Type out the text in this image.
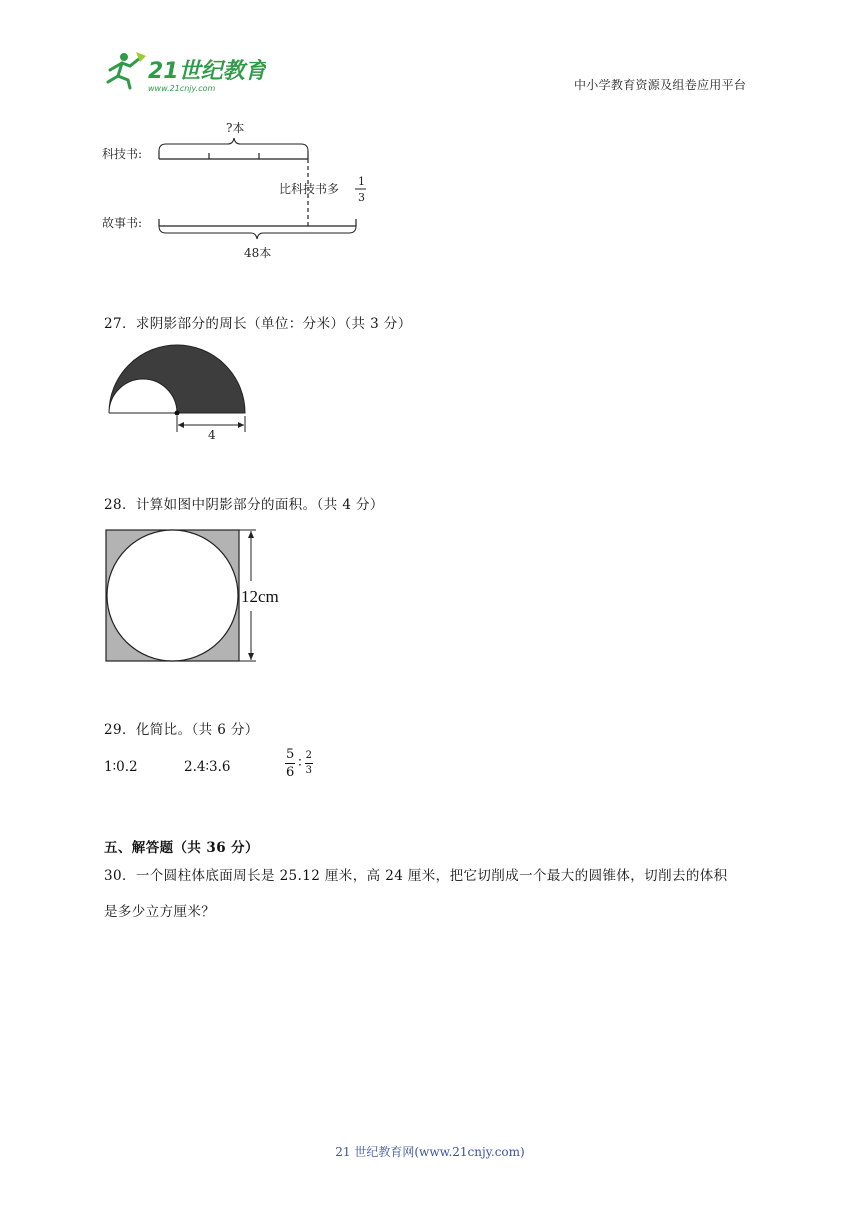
21世纪教育
www.21cnjy.com	中小学教育资源及组卷应用平台
科技书:
故事书:
?本
比科技书多
1
3
48本
27．求阴影部分的周长（单位：分米）（共 3 分）
4
28．计算如图中阴影部分的面积。（共 4 分）
12cm
29．化简比。（共 6 分）
1∶0.2	2.4∶3.6	$\frac{5}{6}$ ∶ $\frac{2}{3}$
五、解答题（共 36 分）
30．一个圆柱体底面周长是 25.12 厘米，高 24 厘米，把它切削成一个最大的圆锥体，切削去的体积
是多少立方厘米？
21 世纪教育网(www.21cnjy.com)
